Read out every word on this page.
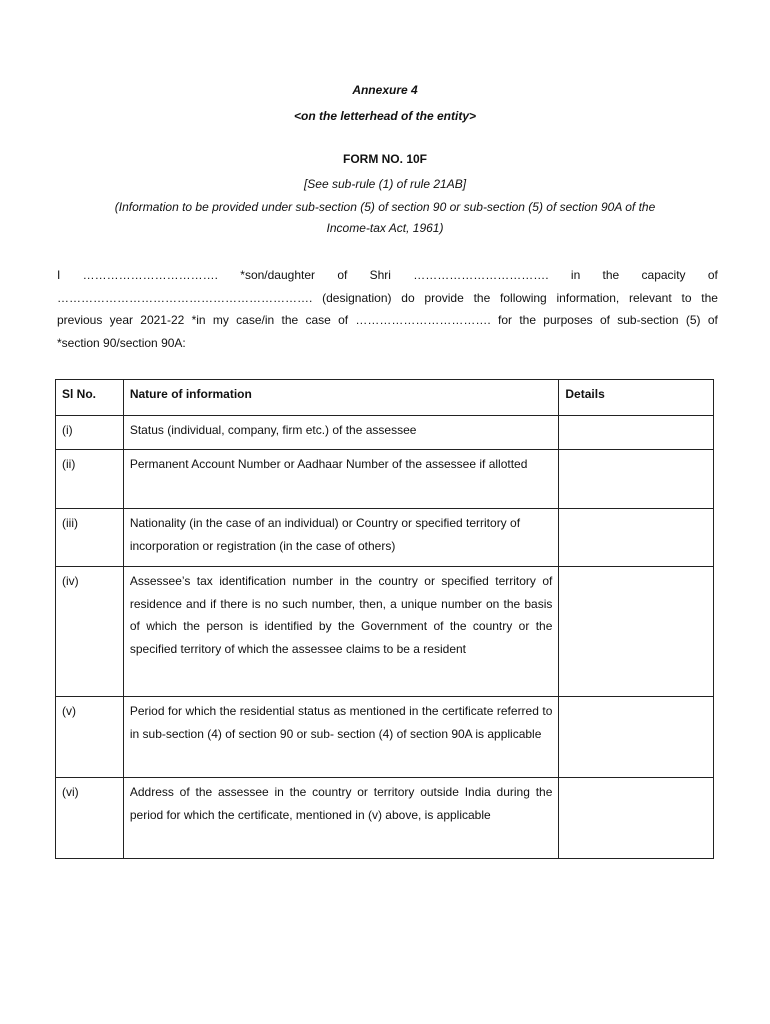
Annexure 4
<on the letterhead of the entity>
FORM NO. 10F
[See sub-rule (1) of rule 21AB]
(Information to be provided under sub-section (5) of section 90 or sub-section (5) of section 90A of the
Income-tax Act, 1961)
I ……………………………. *son/daughter of Shri ……………………………. in the capacity of
………………………………………………………. (designation) do provide the following information, relevant to the
previous year 2021-22 *in my case/in the case of ……………………………. for the purposes of sub-section (5) of
*section 90/section 90A:
Sl No.	Nature of information	Details

(i)	Status (individual, company, firm etc.) of the assessee	

(ii)	Permanent Account Number or Aadhaar Number of the assessee if allotted	

(iii)	Nationality (in the case of an individual) or Country or specified territory of incorporation or registration (in the case of others)	

(iv)	Assessee’s tax identification number in the country or specified territory of residence and if there is no such number, then, a unique number on the basis of which the person is identified by the Government of the country or the specified territory of which the assessee claims to be a resident	

(v)	Period for which the residential status as mentioned in the certificate referred to in sub-section (4) of section 90 or sub- section (4) of section 90A is applicable	

(vi)	Address of the assessee in the country or territory outside India during the period for which the certificate, mentioned in (v) above, is applicable	
